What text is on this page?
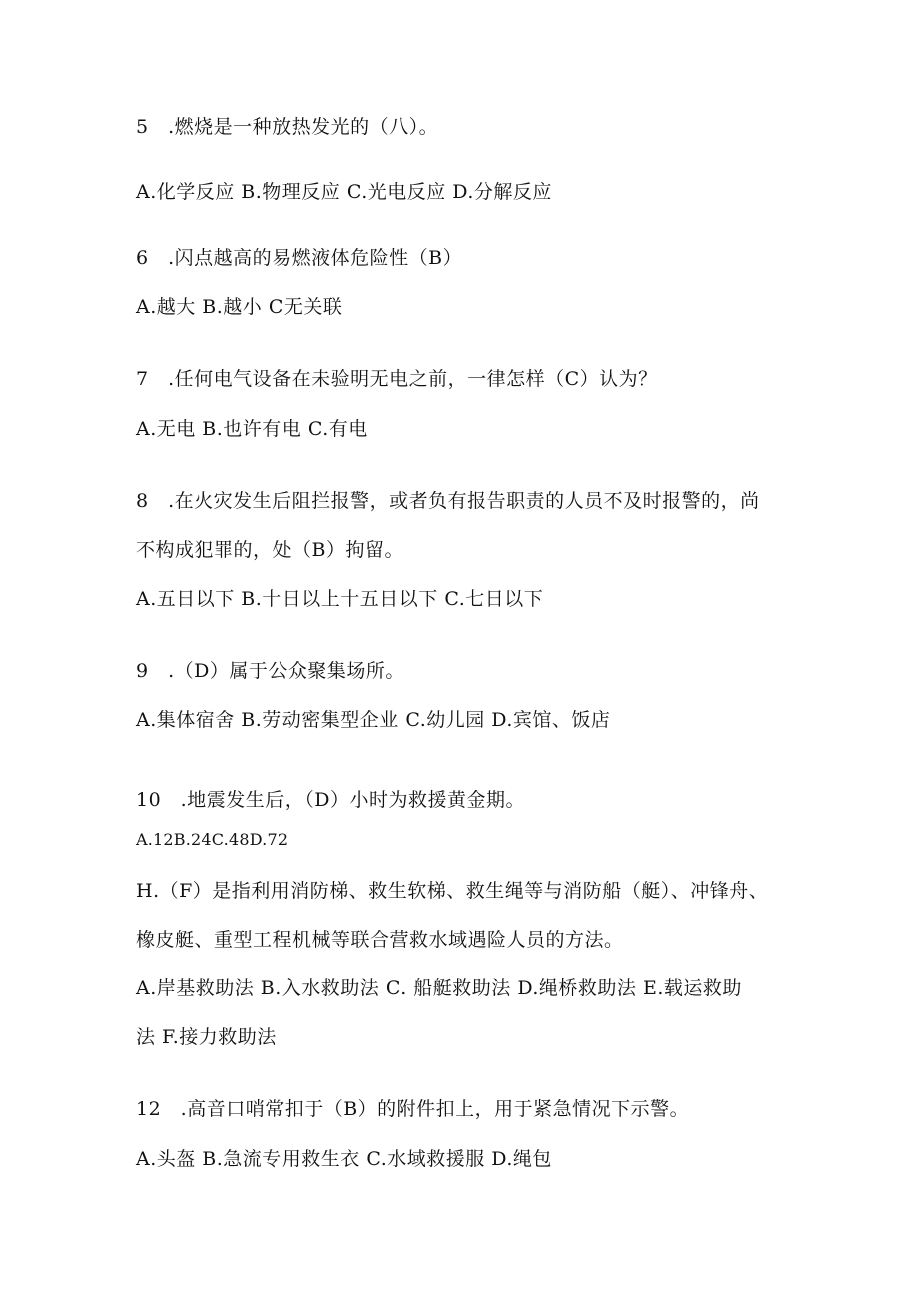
5　.燃烧是一种放热发光的（八）。
A.化学反应 B.物理反应 C.光电反应 D.分解反应
6　.闪点越高的易燃液体危险性（B）
A.越大 B.越小 C无关联
7　.任何电气设备在未验明无电之前，一律怎样（C）认为？
A.无电 B.也许有电 C.有电
8　.在火灾发生后阻拦报警，或者负有报告职责的人员不及时报警的，尚
不构成犯罪的，处（B）拘留。
A.五日以下 B.十日以上十五日以下 C.七日以下
9　.（D）属于公众聚集场所。
A.集体宿舍 B.劳动密集型企业 C.幼儿园 D.宾馆、饭店
10　.地震发生后，（D）小时为救援黄金期。
A.12B.24C.48D.72
H.（F）是指利用消防梯、救生软梯、救生绳等与消防船（艇）、冲锋舟、
橡皮艇、重型工程机械等联合营救水域遇险人员的方法。
A.岸基救助法 B.入水救助法 C. 船艇救助法 D.绳桥救助法 E.载运救助
法 F.接力救助法
12　.高音口哨常扣于（B）的附件扣上，用于紧急情况下示警。
A.头盔 B.急流专用救生衣 C.水域救援服 D.绳包
